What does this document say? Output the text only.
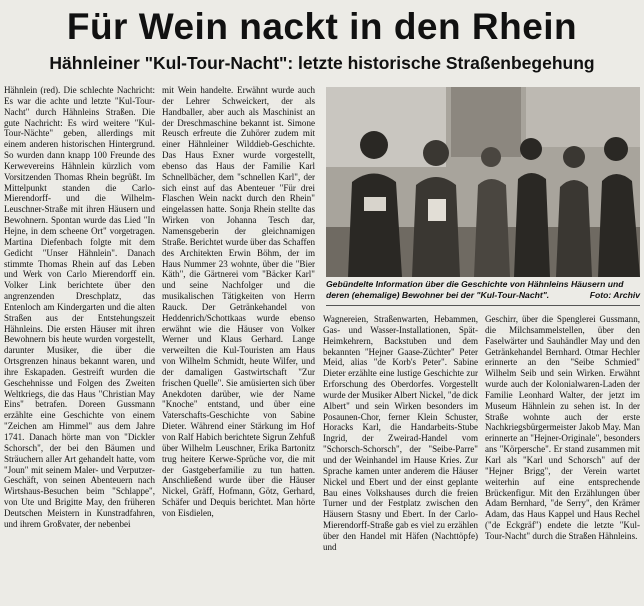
Für Wein nackt in den Rhein
Hähnleiner "Kul-Tour-Nacht": letzte historische Straßenbegehung

Hähnlein (red). Die schlechte Nachricht: Es war die achte und letzte "Kul-Tour-Nacht" durch Hähnleins Straßen. Die gute Nachricht: Es wird weitere "Kul-Tour-Nächte" geben, allerdings mit einem anderen historischen Hintergrund. So wurden dann knapp 100 Freunde des Kerwevereins Hähnlein kürzlich vom Vorsitzenden Thomas Rhein begrüßt. Im Mittelpunkt standen die Carlo-Mierendorff- und die Wilhelm-Leuschner-Straße mit ihren Häusern und Bewohnern. Spontan wurde das Lied "In Hejne, in dem scheene Ort" vorgetragen. Martina Diefenbach folgte mit dem Gedicht "Unser Hähnlein". Danach stimmte Thomas Rhein auf das Leben und Werk von Carlo Mierendorff ein. Volker Link berichtete über den angrenzenden Dreschplatz, das Entenloch am Kindergarten und die alten Straßen aus der Entstehungszeit Hähnleins. Die ersten Häuser mit ihren Bewohnern bis heute wurden vorgestellt, darunter Musiker, die über die Ortsgrenzen hinaus bekannt waren, und ihre Eskapaden. Gestreift wurden die Geschehnisse und Folgen des Zweiten Weltkriegs, die das Haus "Christian May Eins" betrafen. Doreen Gussmann erzählte eine Geschichte von einem "Zeichen am Himmel" aus dem Jahre 1741. Danach hörte man von "Dickler Schorsch", der bei den Bäumen und Sträuchern aller Art gehandelt hatte, vom "Joun" mit seinem Maler- und Verputzer-Geschäft, von seinen Abenteuern nach Wirtshaus-Besuchen beim "Schlappe", von Ute und Brigitte May, den früheren Deutschen Meistern in Kunstradfahren, und ihrem Großvater, der nebenbei

mit Wein handelte. Erwähnt wurde auch der Lehrer Schweickert, der als Handballer, aber auch als Maschinist an der Dreschmaschine bekannt ist. Simone Reusch erfreute die Zuhörer zudem mit einer Hähnleiner Wilddieb-Geschichte. Das Haus Exner wurde vorgestellt, ebenso das Haus der Familie Karl Schnellbächer, dem "schnellen Karl", der sich einst auf das Abenteuer "Für drei Flaschen Wein nackt durch den Rhein" eingelassen hatte. Sonja Rhein stellte das Wirken von Johanna Tesch dar, Namensgeberin der gleichnamigen Straße. Berichtet wurde über das Schaffen des Architekten Erwin Böhm, der im Haus Nummer 23 wohnte, über die "Bier Käth", die Gärtnerei vom "Bäcker Karl" und seine Nachfolger und die musikalischen Tätigkeiten von Herrn Rauck. Der Getränkehandel von Heddenrich/Schottkaas wurde ebenso erwähnt wie die Häuser von Volker Werner und Klaus Gerhard. Lange verweilten die Kul-Touristen am Haus von Wilhelm Schmidt, heute Wilfer, und der damaligen Gastwirtschaft "Zur frischen Quelle". Sie amüsierten sich über Anekdoten darüber, wie der Name "Knoche" entstand, und über eine Vaterschafts-Geschichte von Sabine Dieter. Während einer Stärkung im Hof von Ralf Habich berichtete Sigrun Zehfuß über Wilhelm Leuschner, Erika Bartonitz trug heitere Kerwe-Sprüche vor, die mit der Gastgeberfamilie zu tun hatten. Anschließend wurde über die Häuser Nickel, Gräff, Hofmann, Götz, Gerhard, Schäfer und Dequis berichtet. Man hörte von Eisdielen,

Gebündelte Information über die Geschichte von Hähnleins Häusern und deren (ehemalige) Bewohner bei der "Kul-Tour-Nacht".	Foto: Archiv

Wagnereien, Straßenwarten, Hebammen, Gas- und Wasser-Installationen, Spät-Heimkehrern, Backstuben und dem bekannten "Hejner Gaase-Züchter" Peter Meid, alias "de Korb's Peter". Sabine Dieter erzählte eine lustige Geschichte zur Erforschung des Oberdorfes. Vorgestellt wurde der Musiker Albert Nickel, "de dick Albert" und sein Wirken besonders im Posaunen-Chor, ferner Klein Schuster, Horacks Karl, die Handarbeits-Stube Ingrid, der Zweirad-Handel vom "Schorsch-Schorsch", der "Seibe-Parre" und der Weinhandel im Hause Kries. Zur Sprache kamen unter anderem die Häuser Nickel und Ebert und der einst geplante Bau eines Volkshauses durch die freien Turner und der Festplatz zwischen den Häusern Stasny und Ebert. In der Carlo-Mierendorff-Straße gab es viel zu erzählen über den Handel mit Häfen (Nachttöpfe) und

Geschirr, über die Spenglerei Gussmann, die Milchsammelstellen, über den Faselwärter und Sauhändler May und den Getränkehandel Bernhard. Otmar Hechler erinnerte an den "Seibe Schmied" Wilhelm Seib und sein Wirken. Erwähnt wurde auch der Kolonialwaren-Laden der Familie Leonhard Walter, der jetzt im Museum Hähnlein zu sehen ist. In der Straße wohnte auch der erste Nachkriegsbürgermeister Jakob May. Man erinnerte an "Hejner-Originale", besonders ans "Körpersche". Er stand zusammen mit Karl als "Karl und Schorsch" auf der "Hejner Brigg", der Verein wartet weiterhin auf eine entsprechende Brückenfigur. Mit den Erzählungen über Adam Bernhard, "de Serry", den Krämer Adam, das Haus Kappel und Haus Rechel ("de Eckgräf") endete die letzte "Kul-Tour-Nacht" durch die Straßen Hähnleins.
